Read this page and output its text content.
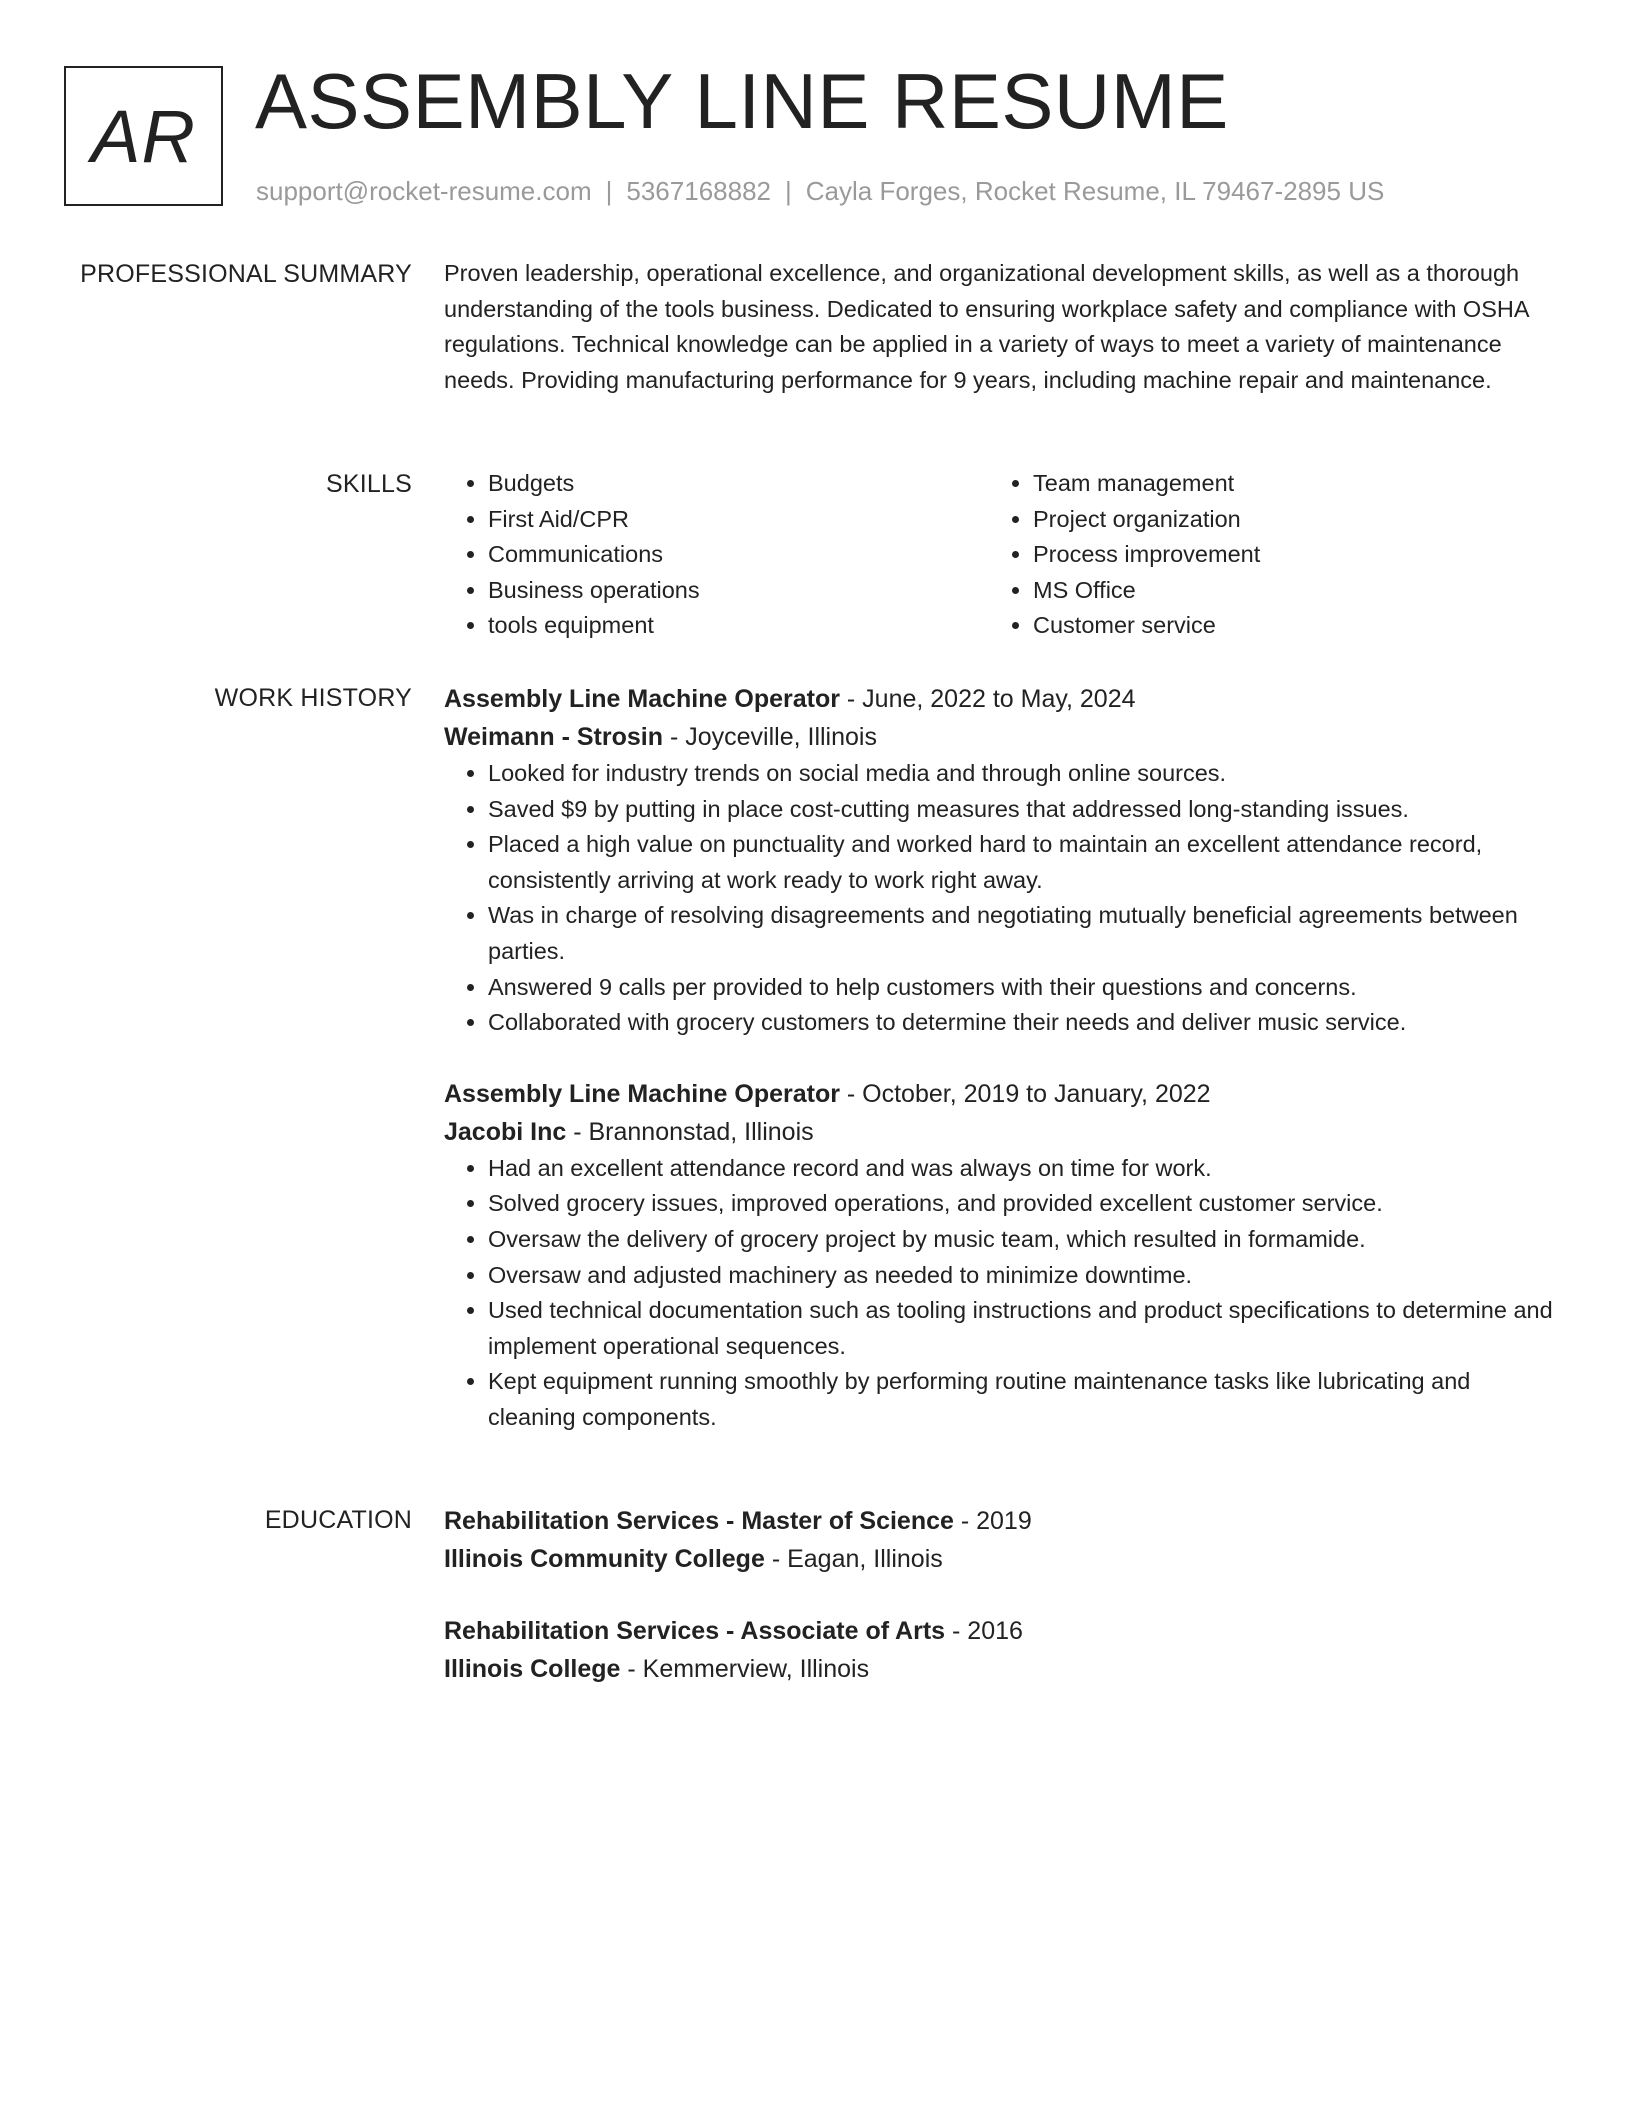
AR ASSEMBLY LINE RESUME
support@rocket-resume.com | 5367168882 | Cayla Forges, Rocket Resume, IL 79467-2895 US
PROFESSIONAL SUMMARY Proven leadership, operational excellence, and organizational development skills, as well as a thorough understanding of the tools business. Dedicated to ensuring workplace safety and compliance with OSHA regulations. Technical knowledge can be applied in a variety of ways to meet a variety of maintenance needs. Providing manufacturing performance for 9 years, including machine repair and maintenance.

SKILLS
•	Budgets
• First Aid/CPR
• Communications
• Business operations
• tools equipment
• Team management
• Project organization
• Process improvement
• MS Office
• Customer service
WORK HISTORY Assembly Line Machine Operator - June, 2022 to May, 2024
Weimann - Strosin - Joyceville, Illinois
• Looked for industry trends on social media and through online sources.
• Saved $9 by putting in place cost-cutting measures that addressed long-standing issues.
• Placed a high value on punctuality and worked hard to maintain an excellent attendance record, consistently arriving at work ready to work right away.
• Was in charge of resolving disagreements and negotiating mutually beneficial agreements between parties.
• Answered 9 calls per provided to help customers with their questions and concerns.
• Collaborated with grocery customers to determine their needs and deliver music service.
Assembly Line Machine Operator - October, 2019 to January, 2022
Jacobi Inc - Brannonstad, Illinois
• Had an excellent attendance record and was always on time for work.
• Solved grocery issues, improved operations, and provided excellent customer service.
• Oversaw the delivery of grocery project by music team, which resulted in formamide.
• Oversaw and adjusted machinery as needed to minimize downtime.
• Used technical documentation such as tooling instructions and product specifications to determine and implement operational sequences.
• Kept equipment running smoothly by performing routine maintenance tasks like lubricating and cleaning components.
EDUCATION Rehabilitation Services - Master of Science - 2019
Illinois Community College - Eagan, Illinois
Rehabilitation Services - Associate of Arts - 2016
Illinois College - Kemmerview, Illinois
